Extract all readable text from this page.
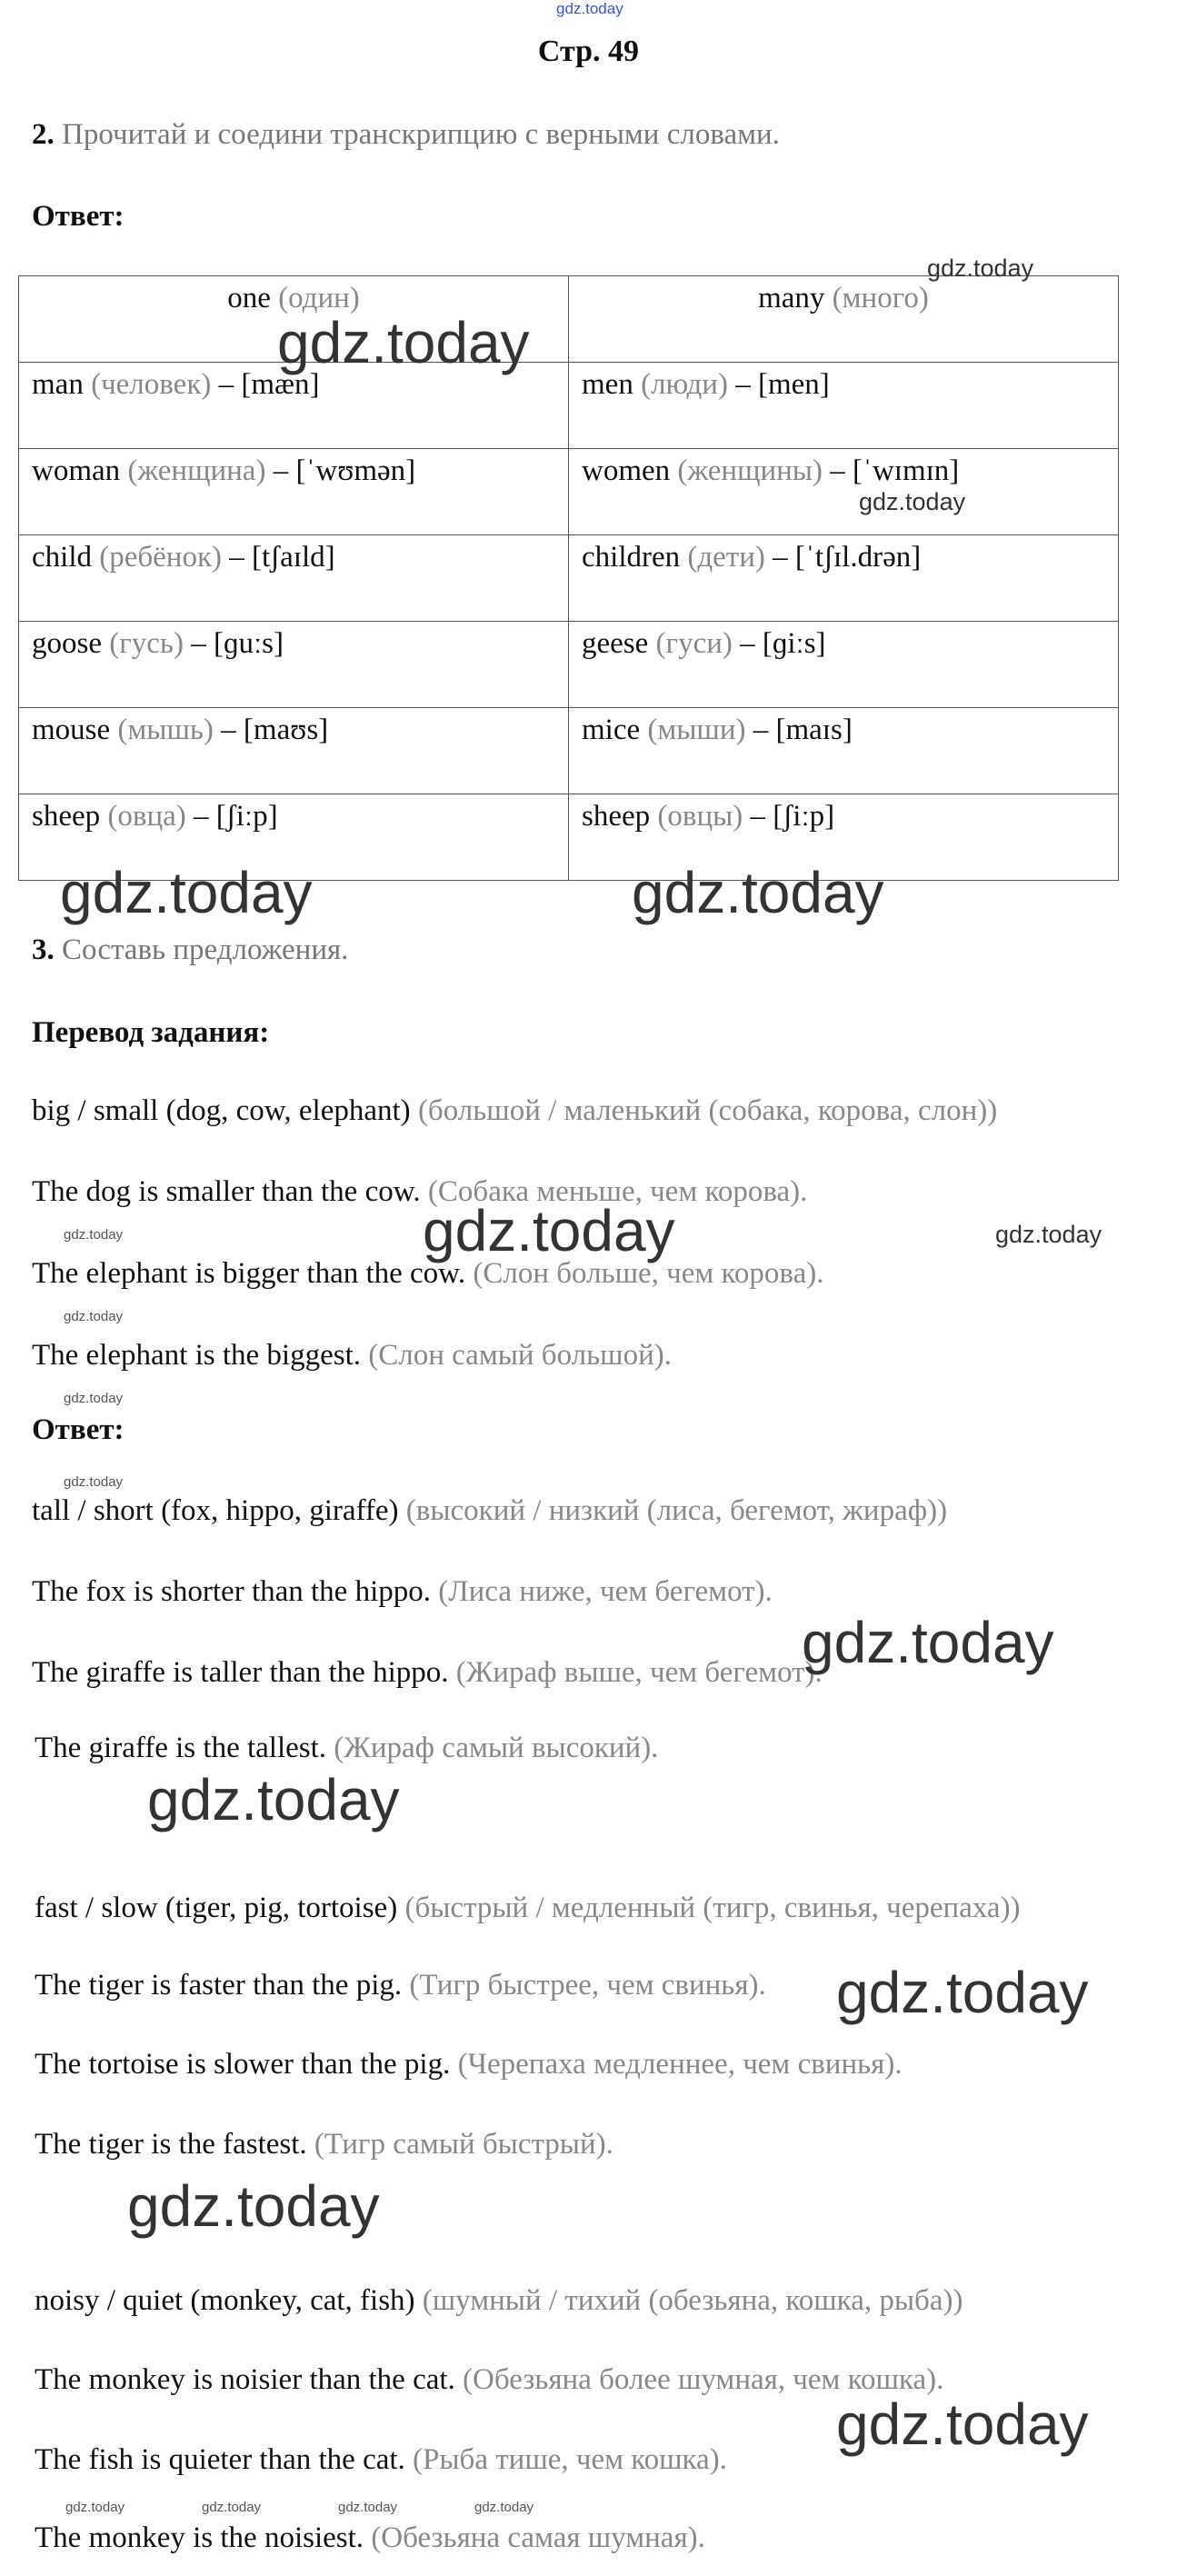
gdz.today
Стр. 49
2. Прочитай и соедини транскрипцию с верными словами.
Ответ:
one (один)	many (много)
man (человек) – [mæn]	men (люди) – [men]
woman (женщина) – [ˈwʊmən]	women (женщины) – [ˈwɪmɪn]
child (ребёнок) – [tʃaɪld]	children (дети) – [ˈtʃɪl.drən]
goose (гусь) – [ɡuːs]	geese (гуси) – [ɡiːs]
mouse (мышь) – [maʊs]	mice (мыши) – [maɪs]
sheep (овца) – [ʃiːp]	sheep (овцы) – [ʃiːp]
3. Составь предложения.
Перевод задания:
big / small (dog, cow, elephant) (большой / маленький (собака, корова, слон))
The dog is smaller than the cow. (Собака меньше, чем корова).
The elephant is bigger than the cow. (Слон больше, чем корова).
The elephant is the biggest. (Слон самый большой).
Ответ:
tall / short (fox, hippo, giraffe) (высокий / низкий (лиса, бегемот, жираф))
The fox is shorter than the hippo. (Лиса ниже, чем бегемот).
The giraffe is taller than the hippo. (Жираф выше, чем бегемот).
The giraffe is the tallest. (Жираф самый высокий).
fast / slow (tiger, pig, tortoise) (быстрый / медленный (тигр, свинья, черепаха))
The tiger is faster than the pig. (Тигр быстрее, чем свинья).
The tortoise is slower than the pig. (Черепаха медленнее, чем свинья).
The tiger is the fastest. (Тигр самый быстрый).
noisy / quiet (monkey, cat, fish) (шумный / тихий (обезьяна, кошка, рыба))
The monkey is noisier than the cat. (Обезьяна более шумная, чем кошка).
The fish is quieter than the cat. (Рыба тише, чем кошка).
The monkey is the noisiest. (Обезьяна самая шумная).
gdz.today
gdz.today
gdz.today
gdz.today	gdz.today
gdz.today
gdz.today	gdz.today
gdz.today
gdz.today
gdz.today
gdz.today
gdz.today
gdz.today
gdz.today
gdz.today
gdz.today	gdz.today	gdz.today	gdz.today
